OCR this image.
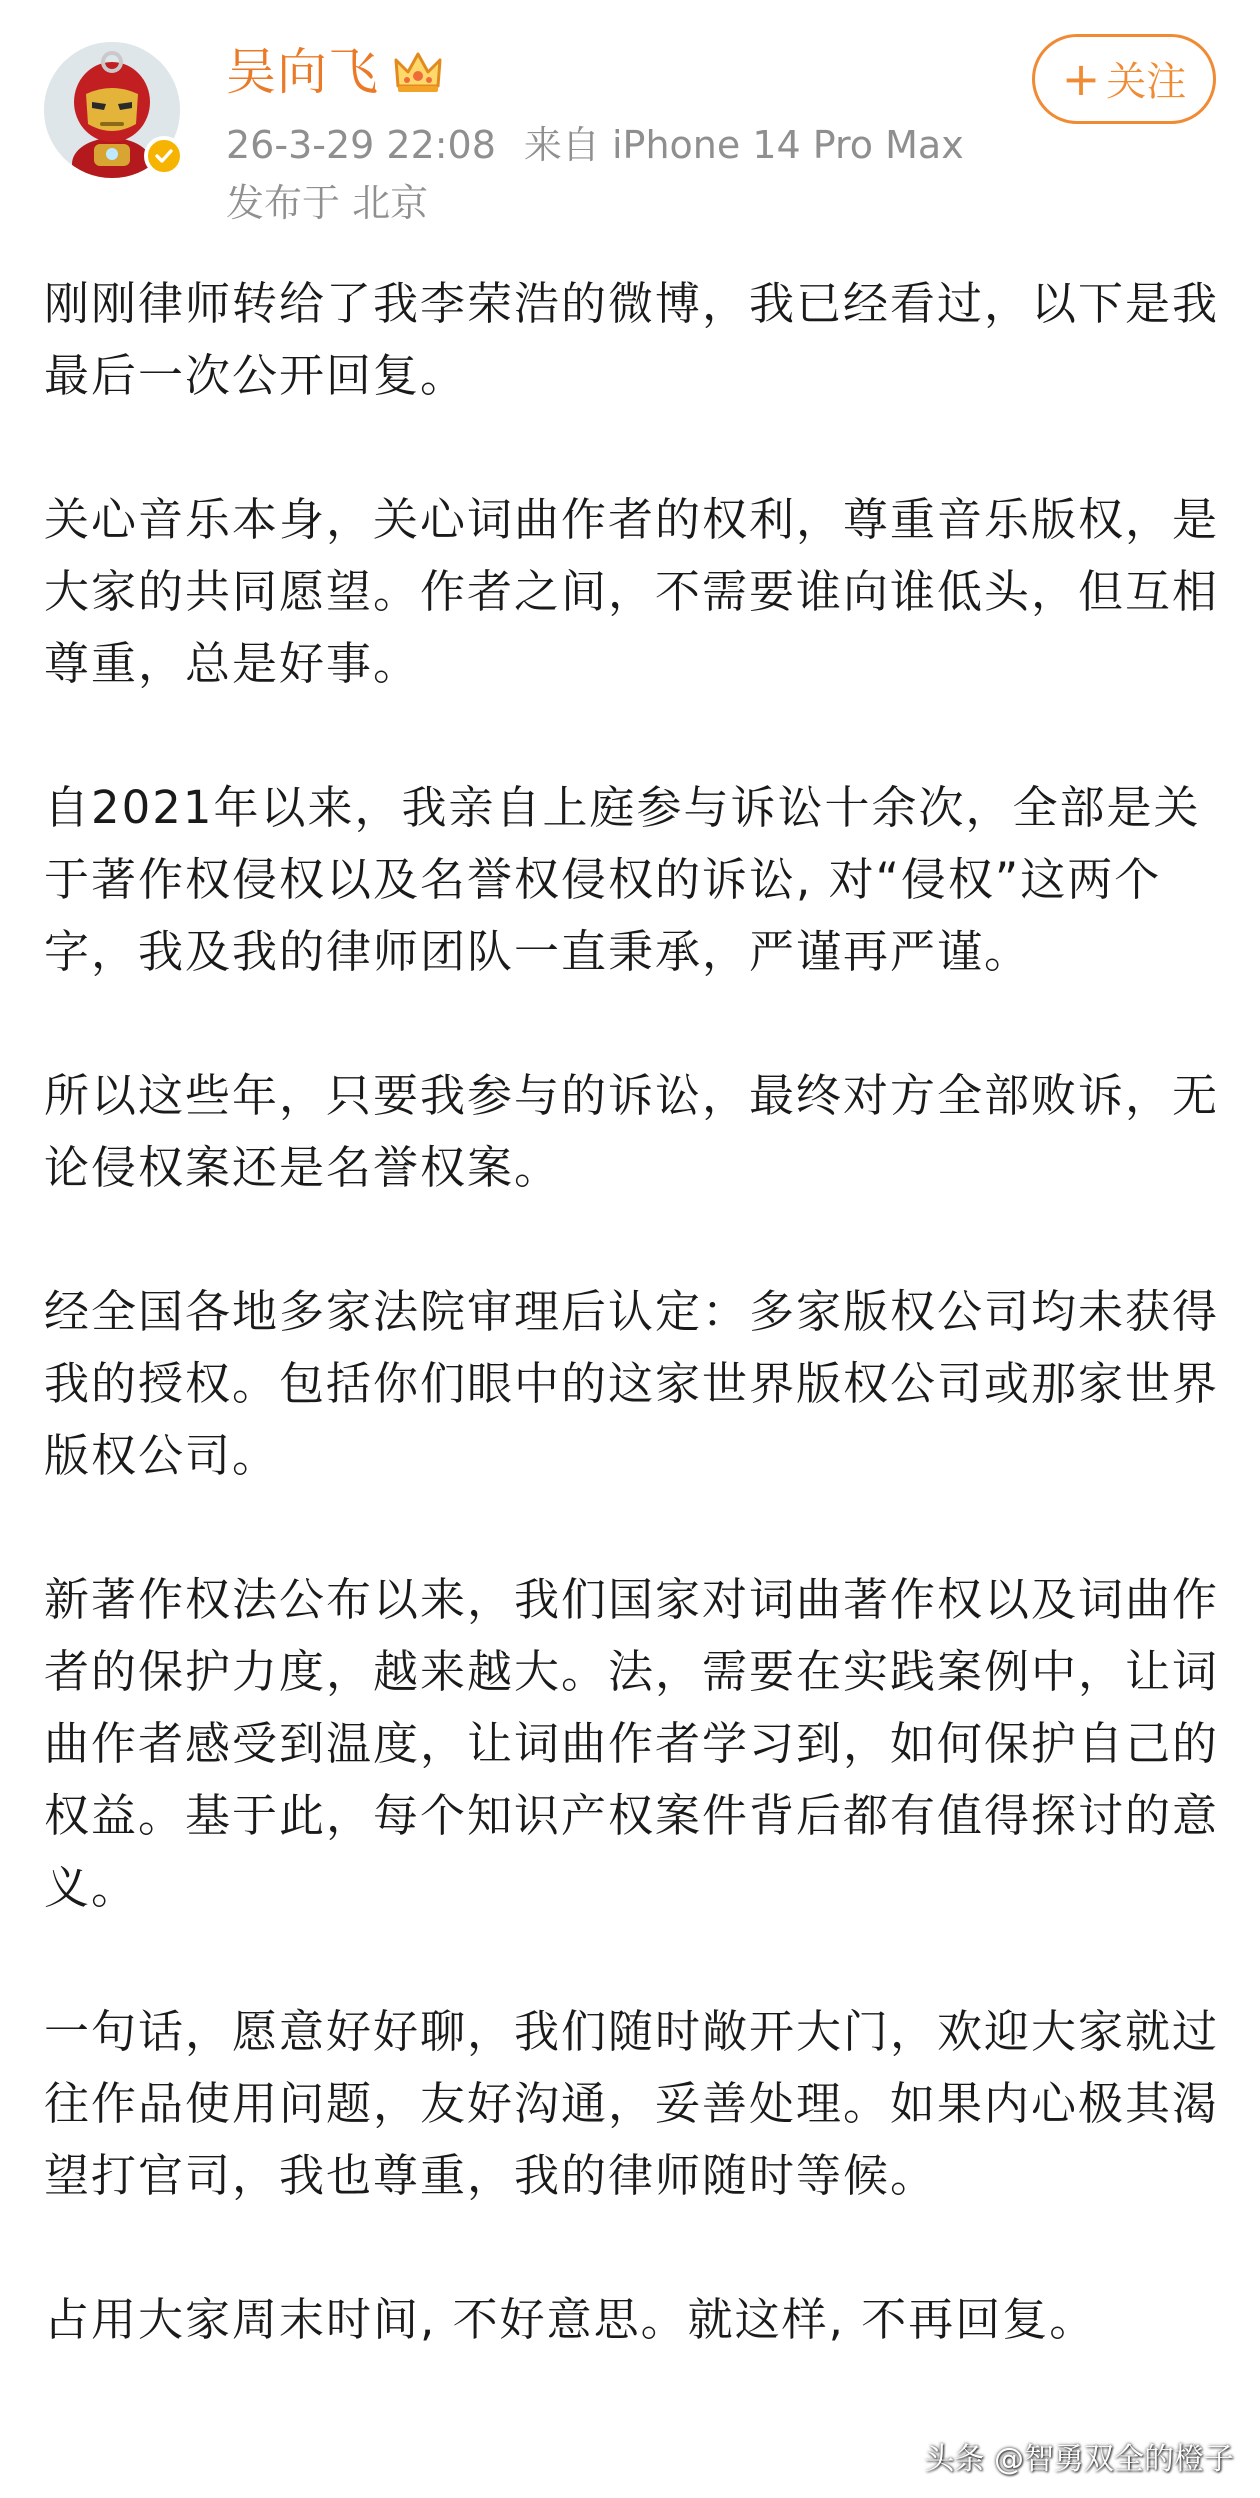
吴向飞
26-3-29 22:08 来自 iPhone 14 Pro Max
发布于 北京
+ 关注

刚刚律师转给了我李荣浩的微博，我已经看过，以下是我最后一次公开回复。

关心音乐本身，关心词曲作者的权利，尊重音乐版权，是大家的共同愿望。作者之间，不需要谁向谁低头，但互相尊重，总是好事。

自2021年以来，我亲自上庭参与诉讼十余次，全部是关于著作权侵权以及名誉权侵权的诉讼, 对“侵权”这两个字，我及我的律师团队一直秉承，严谨再严谨。

所以这些年，只要我参与的诉讼，最终对方全部败诉，无论侵权案还是名誉权案。

经全国各地多家法院审理后认定：多家版权公司均未获得我的授权。包括你们眼中的这家世界版权公司或那家世界版权公司。

新著作权法公布以来，我们国家对词曲著作权以及词曲作者的保护力度，越来越大。法，需要在实践案例中，让词曲作者感受到温度，让词曲作者学习到，如何保护自己的权益。基于此，每个知识产权案件背后都有值得探讨的意义。

一句话，愿意好好聊，我们随时敞开大门，欢迎大家就过往作品使用问题，友好沟通，妥善处理。如果内心极其渴望打官司，我也尊重，我的律师随时等候。

占用大家周末时间, 不好意思。就这样, 不再回复。

头条 @智勇双全的橙子
